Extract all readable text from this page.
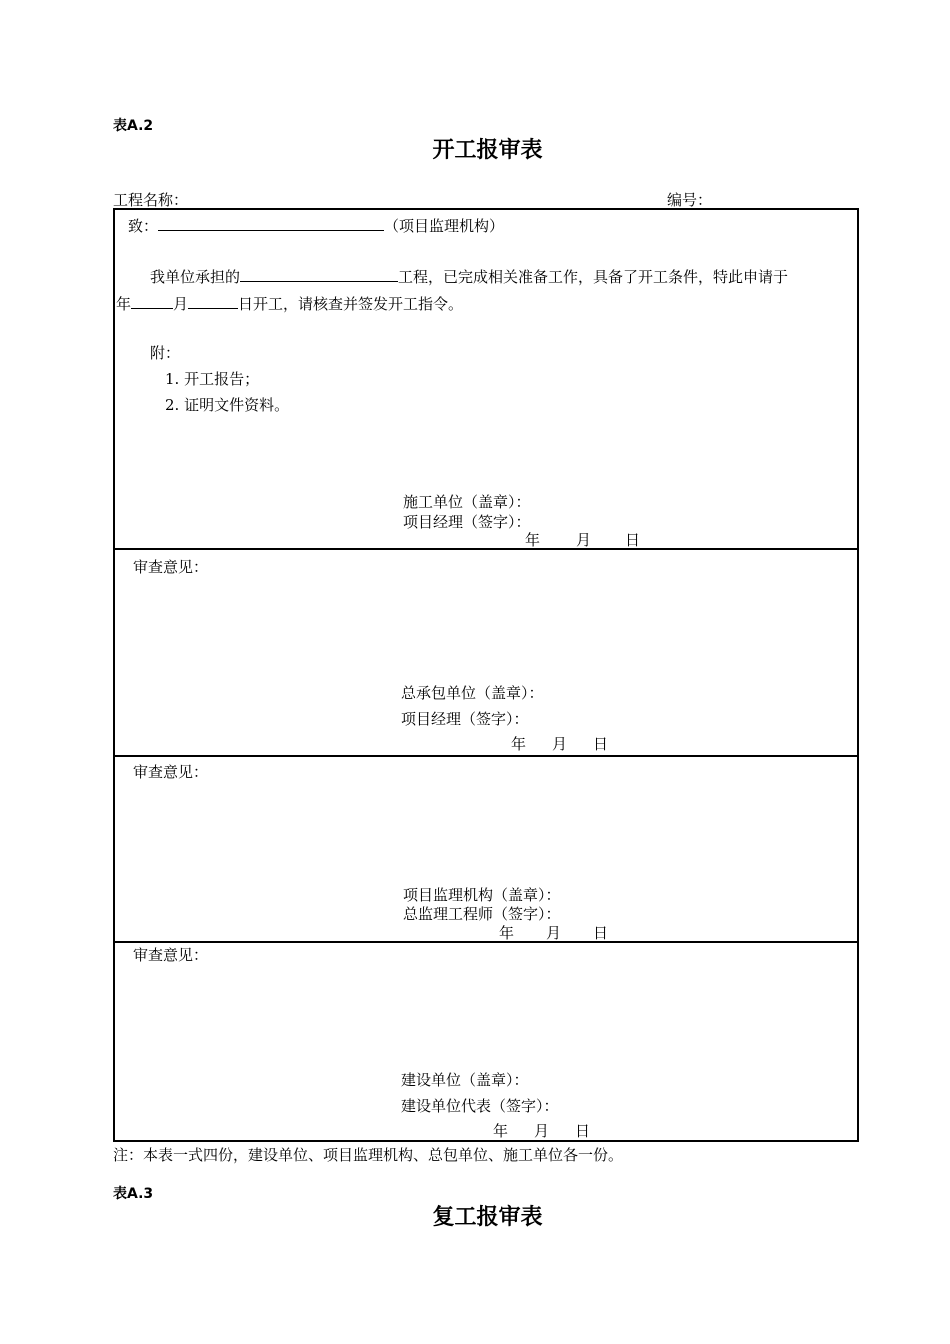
表A.2
开工报审表
工程名称：	编号：
致：	（项目监理机构）
我单位承担的	工程，已完成相关准备工作，具备了开工条件，特此申请于
年	月	日开工，请核查并签发开工指令。
附：
1. 开工报告；
2. 证明文件资料。
施工单位（盖章）：
项目经理（签字）：
年 月 日
审查意见：
总承包单位（盖章）：
项目经理（签字）：
年 月 日
审查意见：
项目监理机构（盖章）：
总监理工程师（签字）：
年 月 日
审查意见：
建设单位（盖章）：
建设单位代表（签字）：
年 月 日
注：本表一式四份，建设单位、项目监理机构、总包单位、施工单位各一份。
表A.3
复工报审表
